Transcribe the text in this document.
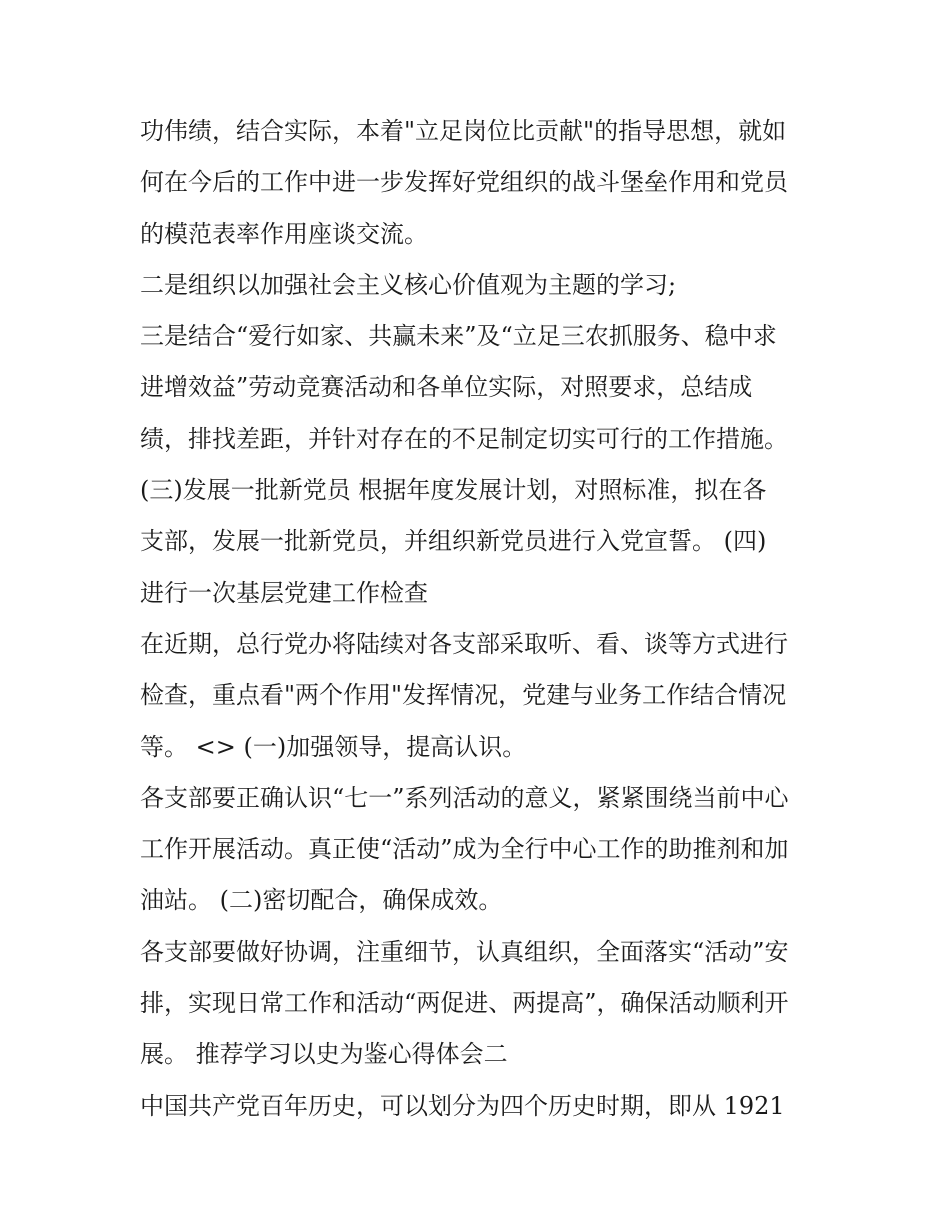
功伟绩，结合实际，本着"立足岗位比贡献"的指导思想，就如
何在今后的工作中进一步发挥好党组织的战斗堡垒作用和党员
的模范表率作用座谈交流。
二是组织以加强社会主义核心价值观为主题的学习;
三是结合“爱行如家、共赢未来”及“立足三农抓服务、稳中求
进增效益”劳动竞赛活动和各单位实际，对照要求，总结成
绩，排找差距，并针对存在的不足制定切实可行的工作措施。
(三)发展一批新党员 根据年度发展计划，对照标准，拟在各
支部，发展一批新党员，并组织新党员进行入党宣誓。 (四)
进行一次基层党建工作检查
在近期，总行党办将陆续对各支部采取听、看、谈等方式进行
检查，重点看"两个作用"发挥情况，党建与业务工作结合情况
等。 <> (一)加强领导，提高认识。
各支部要正确认识“七一”系列活动的意义，紧紧围绕当前中心
工作开展活动。真正使“活动”成为全行中心工作的助推剂和加
油站。 (二)密切配合，确保成效。
各支部要做好协调，注重细节，认真组织，全面落实“活动”安
排，实现日常工作和活动“两促进、两提高”，确保活动顺利开
展。 推荐学习以史为鉴心得体会二
中国共产党百年历史，可以划分为四个历史时期，即从 1921
